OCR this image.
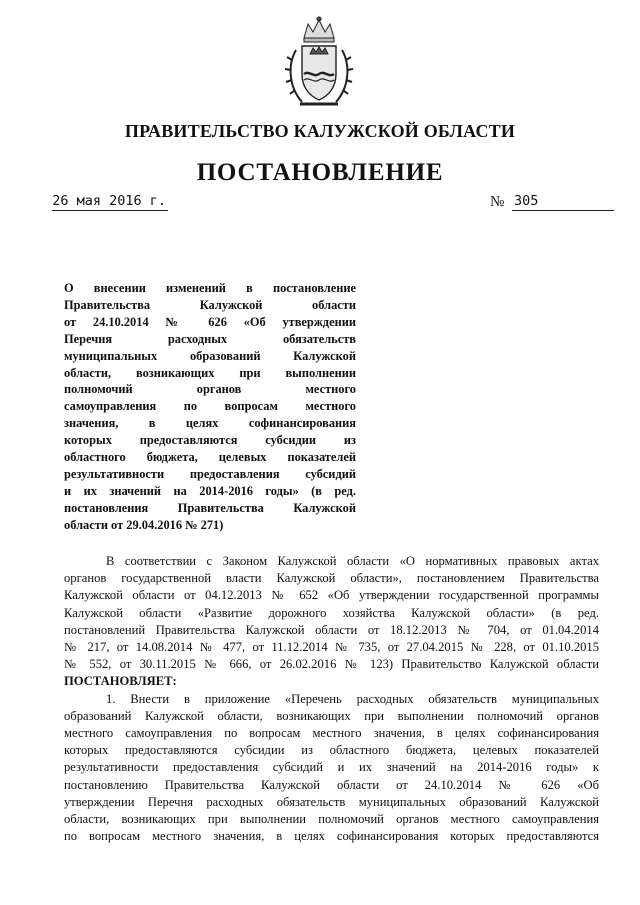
ПРАВИТЕЛЬСТВО КАЛУЖСКОЙ ОБЛАСТИ
ПОСТАНОВЛЕНИЕ
26 мая 2016 г.	№ 305
О внесении изменений в постановление
Правительства Калужской области
от 24.10.2014 № 626 «Об утверждении
Перечня расходных обязательств
муниципальных образований Калужской
области, возникающих при выполнении
полномочий органов местного
самоуправления по вопросам местного
значения, в целях софинансирования
которых предоставляются субсидии из
областного бюджета, целевых показателей
результативности предоставления субсидий
и их значений на 2014-2016 годы» (в ред.
постановления Правительства Калужской
области от 29.04.2016 № 271)
В соответствии с Законом Калужской области «О нормативных правовых актах
органов государственной власти Калужской области», постановлением Правительства
Калужской области от 04.12.2013 № 652 «Об утверждении государственной программы
Калужской области «Развитие дорожного хозяйства Калужской области» (в ред.
постановлений Правительства Калужской области от 18.12.2013 № 704, от 01.04.2014
№ 217, от 14.08.2014 № 477, от 11.12.2014 № 735, от 27.04.2015 № 228, от 01.10.2015
№ 552, от 30.11.2015 № 666, от 26.02.2016 № 123) Правительство Калужской области
ПОСТАНОВЛЯЕТ:
1. Внести в приложение «Перечень расходных обязательств муниципальных
образований Калужской области, возникающих при выполнении полномочий органов
местного самоуправления по вопросам местного значения, в целях софинансирования
которых предоставляются субсидии из областного бюджета, целевых показателей
результативности предоставления субсидий и их значений на 2014-2016 годы» к
постановлению Правительства Калужской области от 24.10.2014 № 626 «Об
утверждении Перечня расходных обязательств муниципальных образований Калужской
области, возникающих при выполнении полномочий органов местного самоуправления
по вопросам местного значения, в целях софинансирования которых предоставляются
